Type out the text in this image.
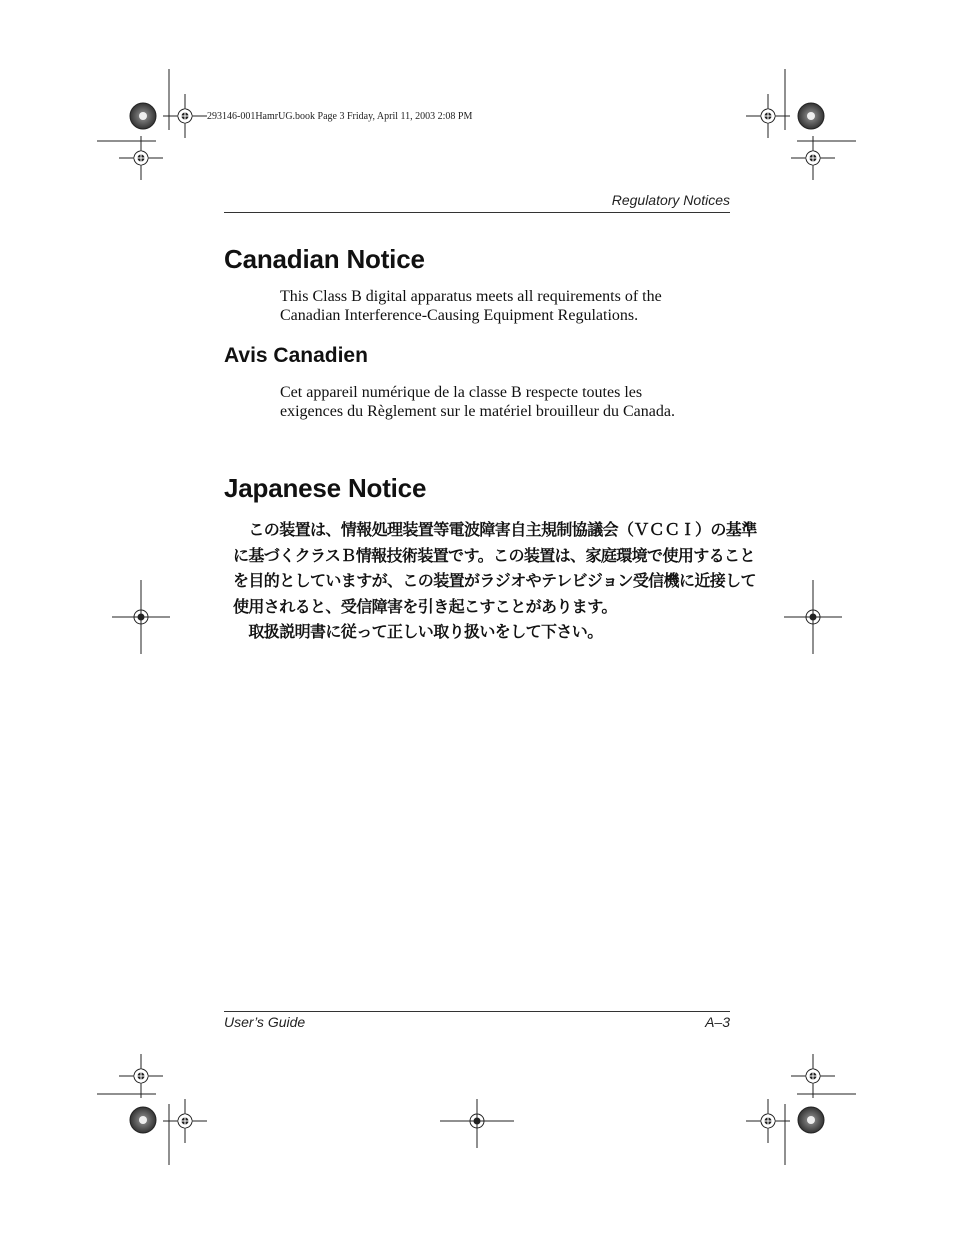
293146-001HamrUG.book Page 3 Friday, April 11, 2003 2:08 PM
Regulatory Notices
Canadian Notice

This Class B digital apparatus meets all requirements of the

Canadian Interference-Causing Equipment Regulations.

Avis Canadien

Cet appareil numérique de la classe B respecte toutes les

exigences du Règlement sur le matériel brouilleur du Canada.

Japanese Notice

　この装置は、情報処理装置等電波障害自主規制協議会（ＶＣＣＩ）の基準

に基づくクラスＢ情報技術装置です。この装置は、家庭環境で使用すること

を目的としていますが、この装置がラジオやテレビジョン受信機に近接して

使用されると、受信障害を引き起こすことがあります。

　取扱説明書に従って正しい取り扱いをして下さい。

User’s Guide	A–3
